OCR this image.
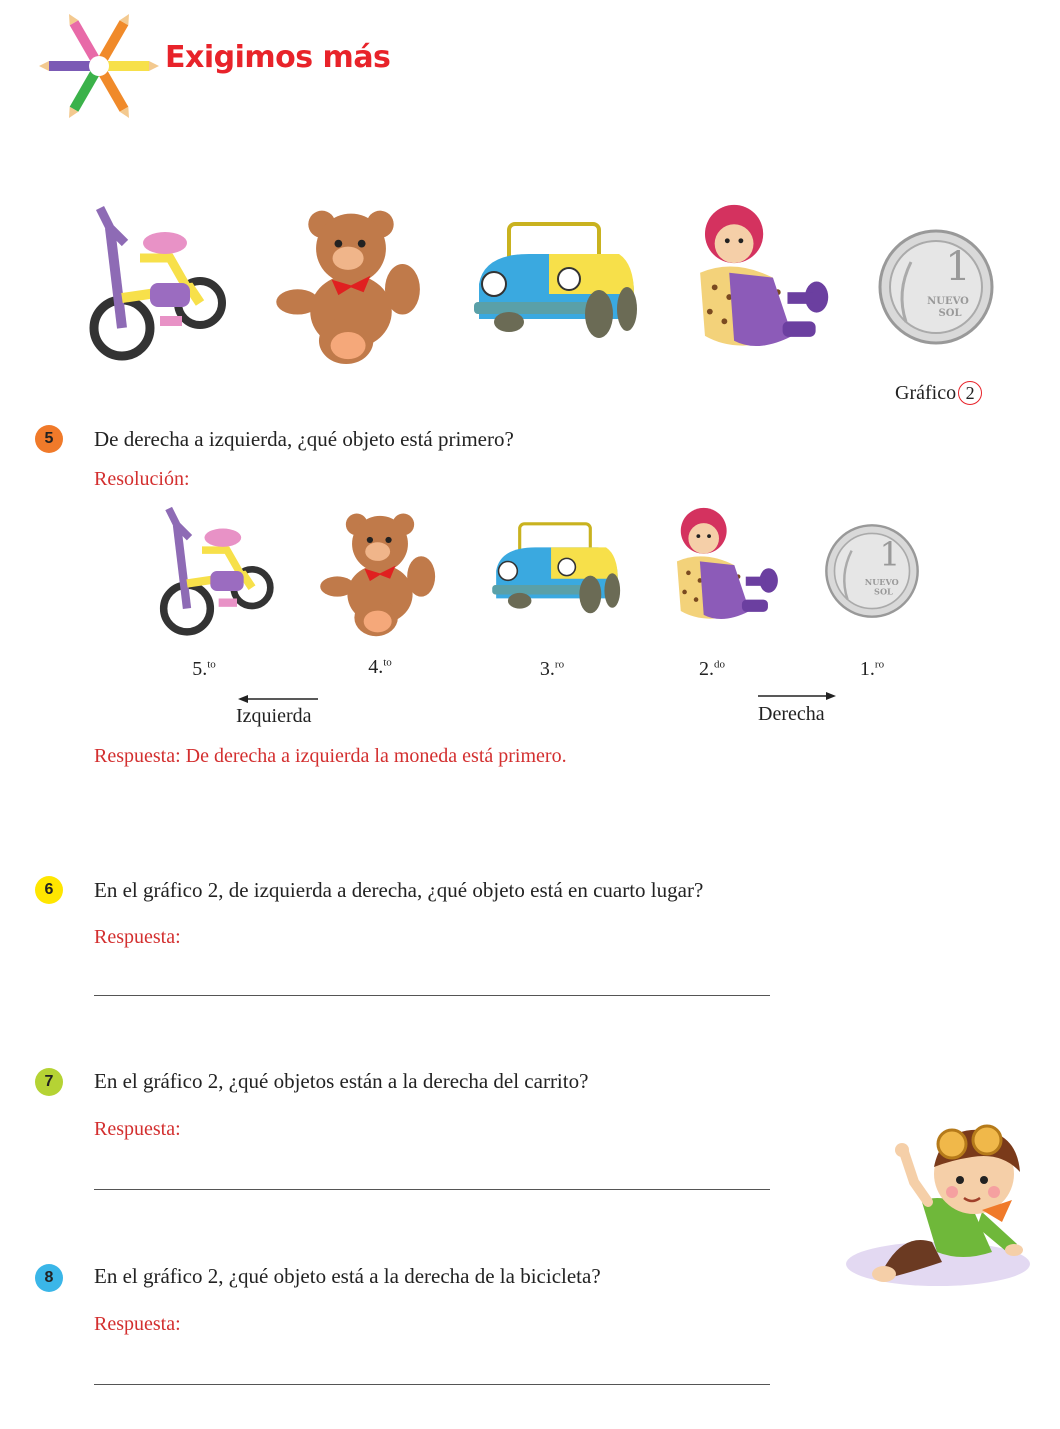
Exigimos más
Gráfico 2
5	De derecha a izquierda, ¿qué objeto está primero?
Resolución:
5.$^{to}$	4.$^{to}$	3.$^{ro}$	2.$^{do}$	1.$^{ro}$
Izquierda	Derecha
Respuesta: De derecha a izquierda la moneda está primero.
6	En el gráfico 2, de izquierda a derecha, ¿qué objeto está en cuarto lugar?
Respuesta:
7	En el gráfico 2, ¿qué objetos están a la derecha del carrito?
Respuesta:
8	En el gráfico 2, ¿qué objeto está a la derecha de la bicicleta?
Respuesta:
